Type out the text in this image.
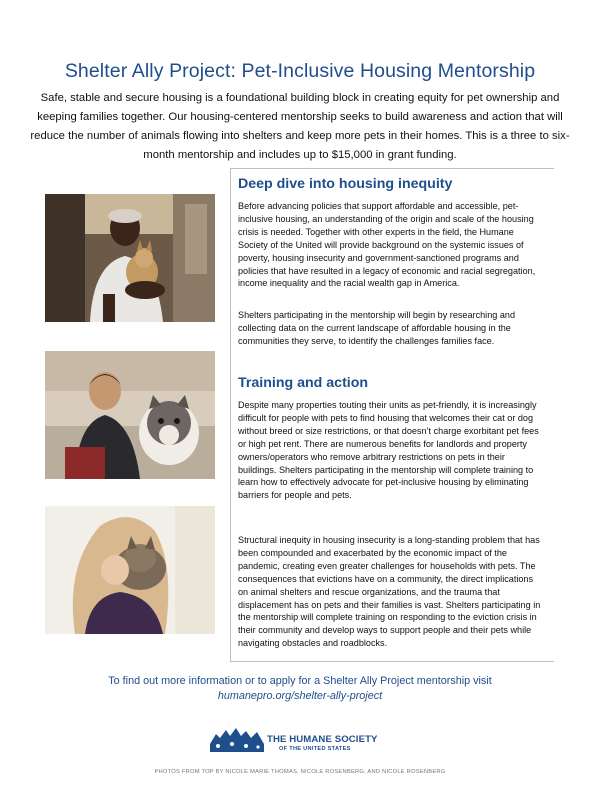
Shelter Ally Project: Pet-Inclusive Housing Mentorship
Safe, stable and secure housing is a foundational building block in creating equity for pet ownership and keeping families together. Our housing-centered mentorship seeks to build awareness and action that will reduce the number of animals flowing into shelters and keep more pets in their homes. This is a three to six-month mentorship and includes up to $15,000 in grant funding.
Deep dive into housing inequity

Before advancing policies that support affordable and accessible, pet-inclusive housing, an understanding of the origin and scale of the housing crisis is needed. Together with other experts in the field, the Humane Society of the United will provide background on the systemic issues of poverty, housing insecurity and government-sanctioned programs and policies that have resulted in a legacy of economic and racial segregation, income inequality and the racial wealth gap in America.

Shelters participating in the mentorship will begin by researching and collecting data on the current landscape of affordable housing in the communities they serve, to identify the challenges families face.

Training and action

Despite many properties touting their units as pet-friendly, it is increasingly difficult for people with pets to find housing that welcomes their cat or dog without breed or size restrictions, or that doesn’t charge exorbitant pet fees or high pet rent. There are numerous benefits for landlords and property owners/operators who remove arbitrary restrictions on pets in their buildings. Shelters participating in the mentorship will complete training to learn how to effectively advocate for pet-inclusive housing by eliminating barriers for people and pets.

Structural inequity in housing insecurity is a long-standing problem that has been compounded and exacerbated by the economic impact of the pandemic, creating even greater challenges for households with pets. The consequences that evictions have on a community, the direct implications on animal shelters and rescue organizations, and the trauma that displacement has on pets and their families is vast. Shelters participating in the mentorship will complete training on responding to the eviction crisis in their community and develop ways to support people and their pets while navigating obstacles and roadblocks.

To find out more information or to apply for a Shelter Ally Project mentorship visit
humanepro.org/shelter-ally-project
THE HUMANE SOCIETY
OF THE UNITED STATES
PHOTOS FROM TOP BY NICOLE MARIE THOMAS, NICOLE ROSENBERG, AND NICOLE ROSENBERG
